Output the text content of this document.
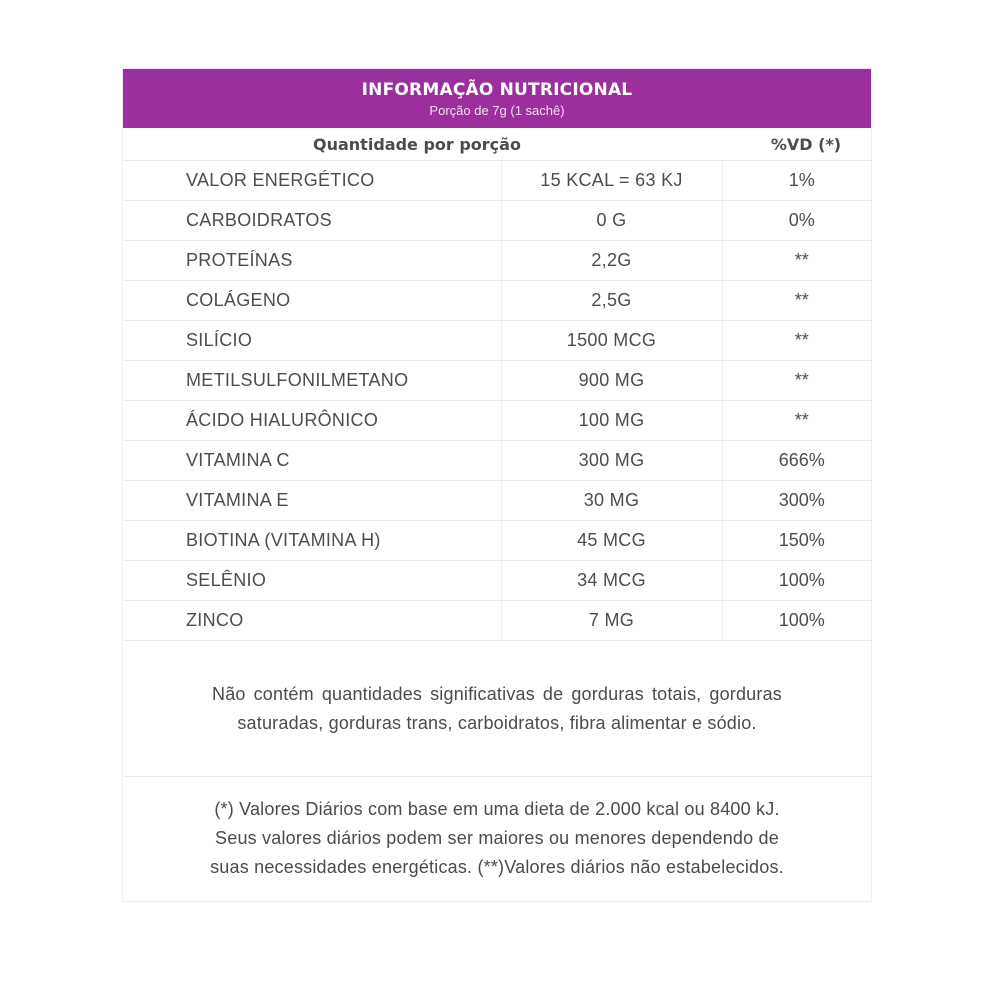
INFORMAÇÃO NUTRICIONAL
Porção de 7g (1 sachê)
Quantidade por porção		%VD (*)
VALOR ENERGÉTICO	15 KCAL = 63 KJ	1%
CARBOIDRATOS	0 G	0%
PROTEÍNAS	2,2G	**
COLÁGENO	2,5G	**
SILÍCIO	1500 MCG	**
METILSULFONILMETANO	900 MG	**
ÁCIDO HIALURÔNICO	100 MG	**
VITAMINA C	300 MG	666%
VITAMINA E	30 MG	300%
BIOTINA (VITAMINA H)	45 MCG	150%
SELÊNIO	34 MCG	100%
ZINCO	7 MG	100%

Não contém quantidades significativas de gorduras totais, gorduras saturadas, gorduras trans, carboidratos, fibra alimentar e sódio.

(*) Valores Diários com base em uma dieta de 2.000 kcal ou 8400 kJ.

Seus valores diários podem ser maiores ou menores dependendo de

suas necessidades energéticas. (**)Valores diários não estabelecidos.
